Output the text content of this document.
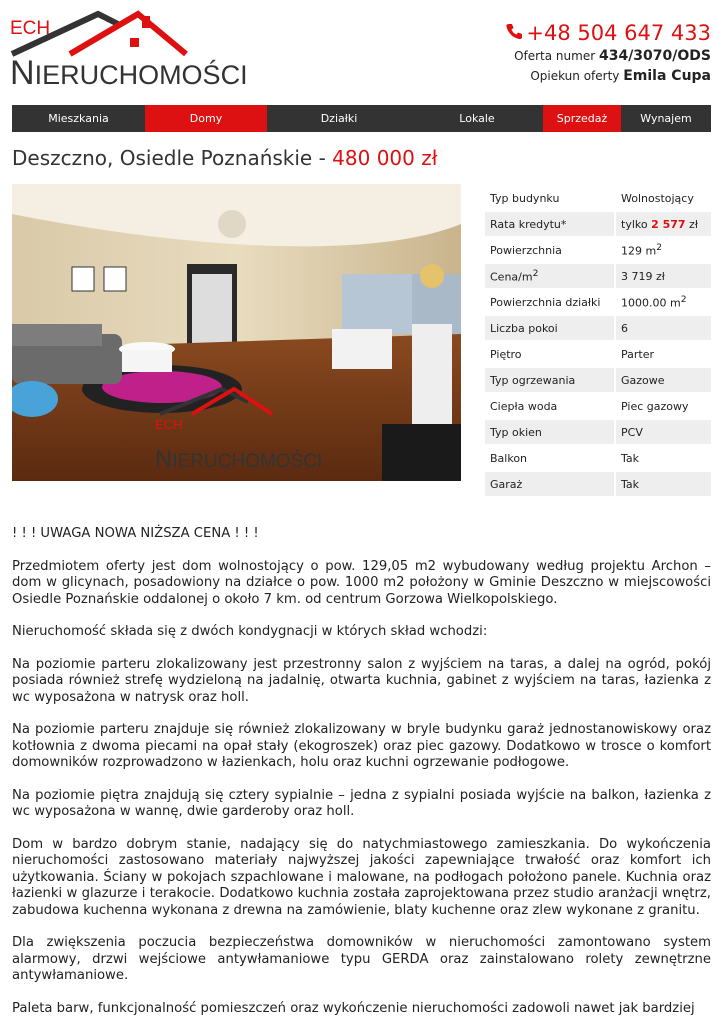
ECH
NIERUCHOMOŚCI
+48 504 647 433
Oferta numer 434/3070/ODS
Opiekun oferty Emila Cupa
Mieszkania	Domy	Działki	Lokale	Sprzedaż	Wynajem
Deszczno, Osiedle Poznańskie - 480 000 zł
ECH
NIERUCHOMOŚCI
Typ budynku	Wolnostojący
Rata kredytu*	tylko 2 577 zł
Powierzchnia	129 $m^2$
Cena/$m^2$	3 719 zł
Powierzchnia działki	1000.00 $m^2$
Liczba pokoi	6
Piętro	Parter
Typ ogrzewania	Gazowe
Ciepła woda	Piec gazowy
Typ okien	PCV
Balkon	Tak
Garaż	Tak

! ! ! UWAGA NOWA NIŻSZA CENA ! ! !

Przedmiotem oferty jest dom wolnostojący o pow. 129,05 m2 wybudowany według projektu Archon – dom w glicynach, posadowiony na działce o pow. 1000 m2 położony w Gminie Deszczno w miejscowości Osiedle Poznańskie oddalonej o około 7 km. od centrum Gorzowa Wielkopolskiego.

Nieruchomość składa się z dwóch kondygnacji w których skład wchodzi:

Na poziomie parteru zlokalizowany jest przestronny salon z wyjściem na taras, a dalej na ogród, pokój posiada również strefę wydzieloną na jadalnię, otwarta kuchnia, gabinet z wyjściem na taras, łazienka z wc wyposażona w natrysk oraz holl.

Na poziomie parteru znajduje się również zlokalizowany w bryle budynku garaż jednostanowiskowy oraz kotłownia z dwoma piecami na opał stały (ekogroszek) oraz piec gazowy. Dodatkowo w trosce o komfort domowników rozprowadzono w łazienkach, holu oraz kuchni ogrzewanie podłogowe.

Na poziomie piętra znajdują się cztery sypialnie – jedna z sypialni posiada wyjście na balkon, łazienka z wc wyposażona w wannę, dwie garderoby oraz holl.

Dom w bardzo dobrym stanie, nadający się do natychmiastowego zamieszkania. Do wykończenia nieruchomości zastosowano materiały najwyższej jakości zapewniające trwałość oraz komfort ich użytkowania. Ściany w pokojach szpachlowane i malowane, na podłogach położono panele. Kuchnia oraz łazienki w glazurze i terakocie. Dodatkowo kuchnia została zaprojektowana przez studio aranżacji wnętrz, zabudowa kuchenna wykonana z drewna na zamówienie, blaty kuchenne oraz zlew wykonane z granitu.

Dla zwiększenia poczucia bezpieczeństwa domowników w nieruchomości zamontowano system alarmowy, drzwi wejściowe antywłamaniowe typu GERDA oraz zainstalowano rolety zewnętrzne antywłamaniowe.

Paleta barw, funkcjonalność pomieszczeń oraz wykończenie nieruchomości zadowoli nawet jak bardziej
